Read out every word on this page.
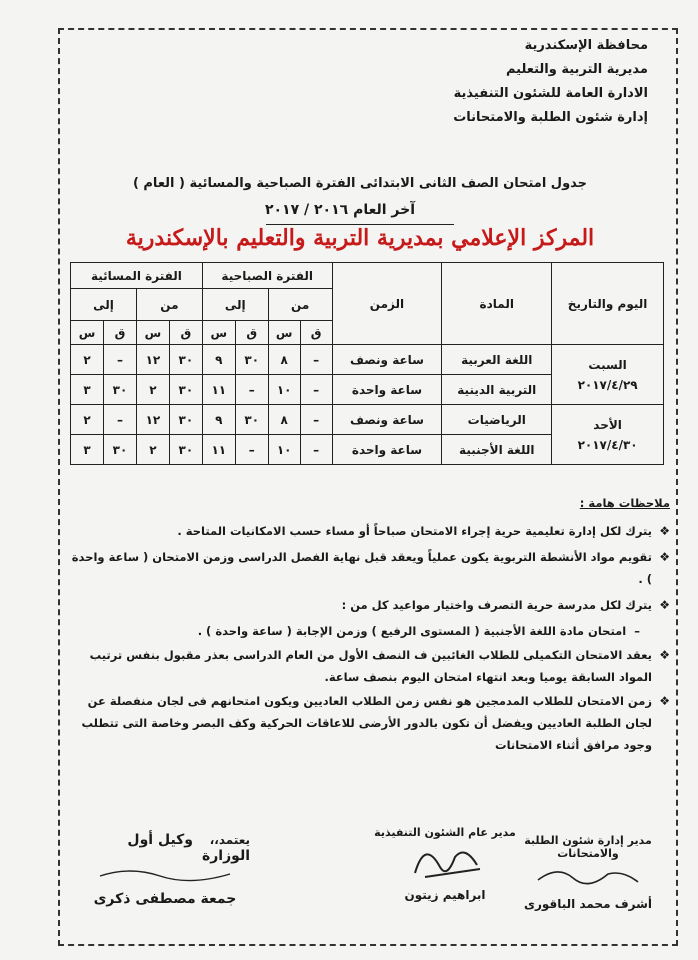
محافظة الإسكندرية
مديرية التربية والتعليم
الادارة العامة للشئون التنفيذية
إدارة شئون الطلبة والامتحانات
جدول امتحان الصف الثانى الابتدائى الفترة الصباحية والمسائية ( العام )
آخر العام ٢٠١٦ / ٢٠١٧
المركز الإعلامي بمديرية التربية والتعليم بالإسكندرية
اليوم والتاريخ	المادة	الزمن	الفترة الصباحية				الفترة المسائية			
			من		إلى		من		إلى	
			ق	س	ق	س	ق	س	ق	س

السبت
٢٠١٧/٤/٢٩	اللغة العربية	ساعة ونصف	–	٨	٣٠	٩	٣٠	١٢	–	٢
	التربية الدينية	ساعة واحدة	–	١٠	–	١١	٣٠	٢	٣٠	٣

الأحد
٢٠١٧/٤/٣٠	الرياضيات	ساعة ونصف	–	٨	٣٠	٩	٣٠	١٢	–	٢
	اللغة الأجنبية	ساعة واحدة	–	١٠	–	١١	٣٠	٢	٣٠	٣
ملاحظات هامة :
❖
يترك لكل إدارة تعليمية حرية إجراء الامتحان صباحاً أو مساء حسب الامكانيات المتاحة .
❖
تقويم مواد الأنشطة التربوية يكون عملياً ويعقد قبل نهاية الفصل الدراسى وزمن الامتحان ( ساعة واحدة ) .
❖
يترك لكل مدرسة حرية التصرف واختيار مواعيد كل من :
–  امتحان مادة اللغة الأجنبية ( المستوى الرفيع ) وزمن الإجابة ( ساعة واحدة ) .
❖
يعقد الامتحان التكميلى للطلاب الغائبين ف النصف الأول من العام الدراسى بعذر مقبول بنفس ترتيب المواد السابقة يوميا وبعد انتهاء امتحان اليوم بنصف ساعة.
❖
زمن الامتحان للطلاب المدمجين هو نفس زمن الطلاب العاديين ويكون امتحانهم فى لجان منفصلة عن لجان الطلبة العاديين ويفضل أن تكون بالدور الأرضى للاعاقات الحركية وكف البصر وخاصة التى تتطلب وجود مرافق أثناء الامتحانات
مدير إدارة شئون الطلبة والامتحانات
أشرف محمد الباقورى
مدير عام الشئون التنفيذية
ابراهيم زيتون
يعتمد،،    وكيل أول الوزارة
جمعة مصطفى ذكرى
